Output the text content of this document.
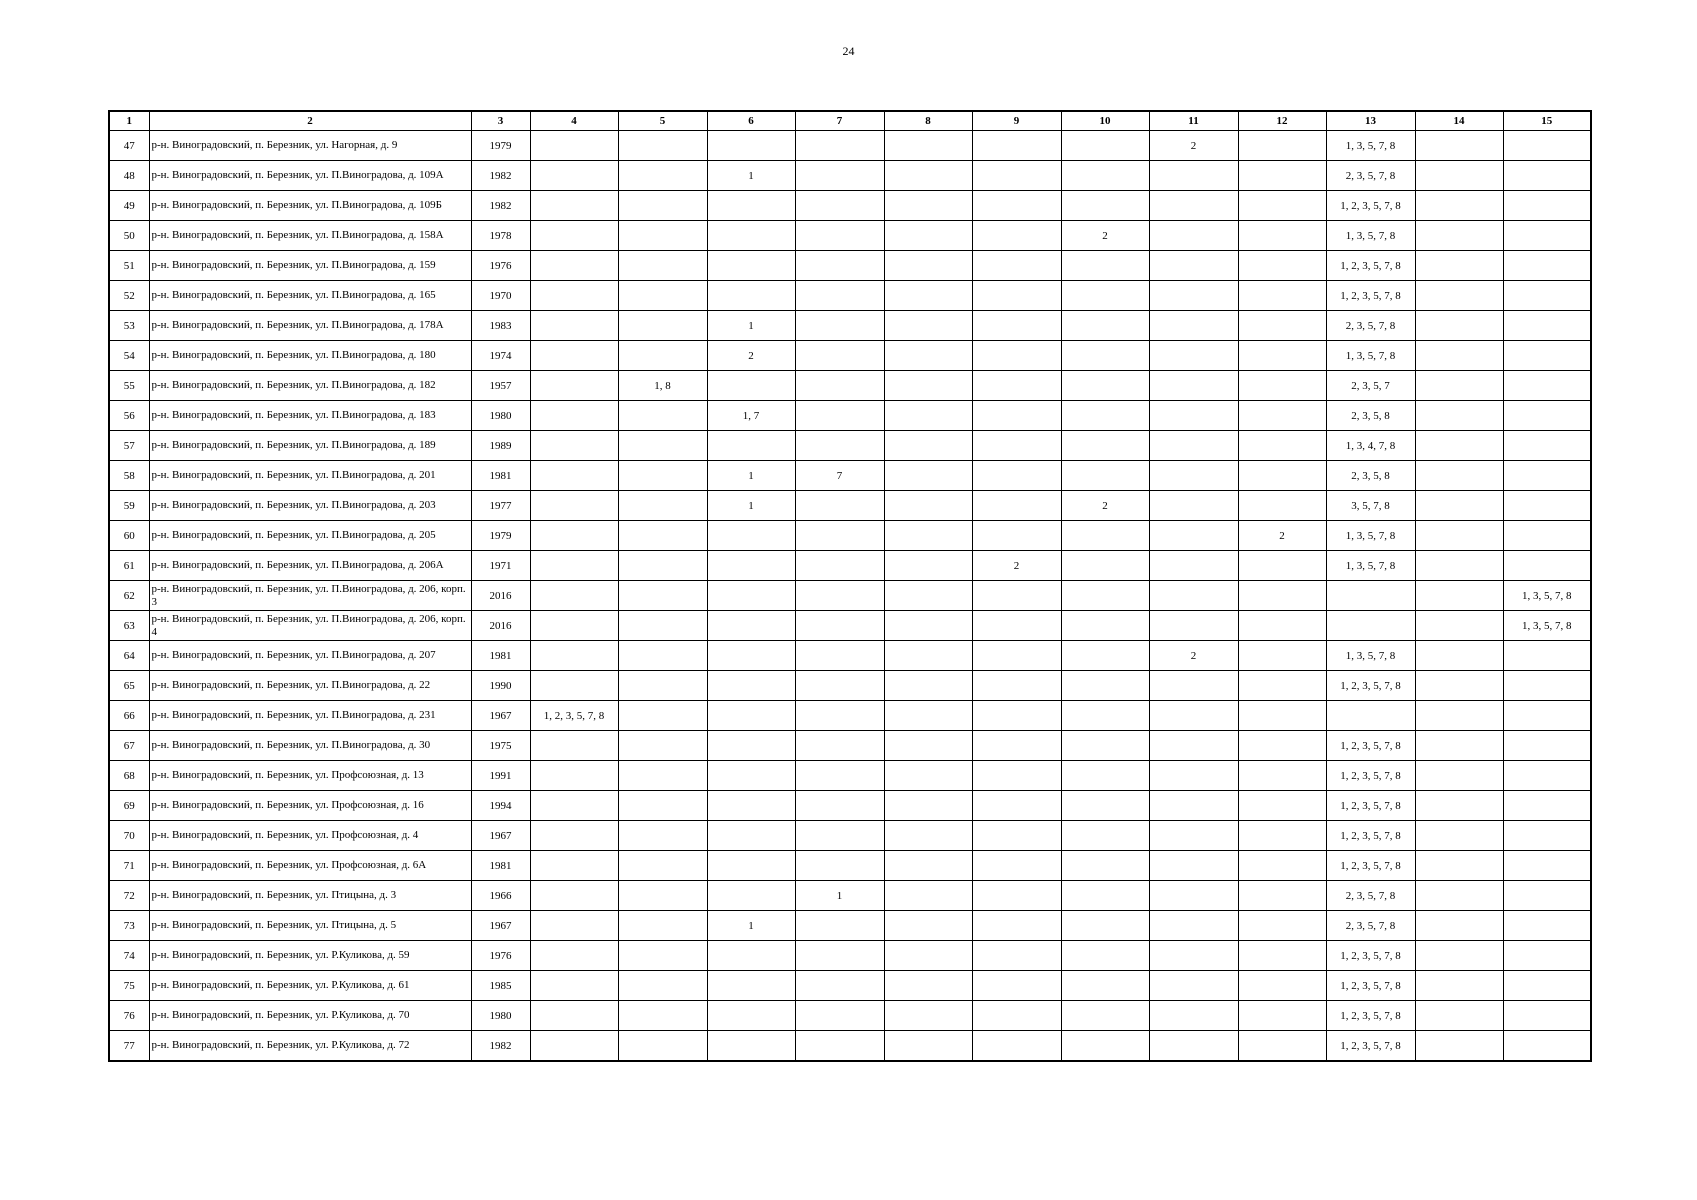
24
1	2	3	4	5	6	7	8	9	10	11	12	13	14	15
47	р-н. Виноградовский, п. Березник, ул. Нагорная, д. 9	1979								2		1, 3, 5, 7, 8		
48	р-н. Виноградовский, п. Березник, ул. П.Виноградова, д. 109А	1982			1							2, 3, 5, 7, 8		
49	р-н. Виноградовский, п. Березник, ул. П.Виноградова, д. 109Б	1982										1, 2, 3, 5, 7, 8		
50	р-н. Виноградовский, п. Березник, ул. П.Виноградова, д. 158А	1978							2			1, 3, 5, 7, 8		
51	р-н. Виноградовский, п. Березник, ул. П.Виноградова, д. 159	1976										1, 2, 3, 5, 7, 8		
52	р-н. Виноградовский, п. Березник, ул. П.Виноградова, д. 165	1970										1, 2, 3, 5, 7, 8		
53	р-н. Виноградовский, п. Березник, ул. П.Виноградова, д. 178А	1983			1							2, 3, 5, 7, 8		
54	р-н. Виноградовский, п. Березник, ул. П.Виноградова, д. 180	1974			2							1, 3, 5, 7, 8		
55	р-н. Виноградовский, п. Березник, ул. П.Виноградова, д. 182	1957		1, 8								2, 3, 5, 7		
56	р-н. Виноградовский, п. Березник, ул. П.Виноградова, д. 183	1980			1, 7							2, 3, 5, 8		
57	р-н. Виноградовский, п. Березник, ул. П.Виноградова, д. 189	1989										1, 3, 4, 7, 8		
58	р-н. Виноградовский, п. Березник, ул. П.Виноградова, д. 201	1981			1	7						2, 3, 5, 8		
59	р-н. Виноградовский, п. Березник, ул. П.Виноградова, д. 203	1977			1				2			3, 5, 7, 8		
60	р-н. Виноградовский, п. Березник, ул. П.Виноградова, д. 205	1979									2	1, 3, 5, 7, 8		
61	р-н. Виноградовский, п. Березник, ул. П.Виноградова, д. 206А	1971						2				1, 3, 5, 7, 8		
62	р-н. Виноградовский, п. Березник, ул. П.Виноградова, д. 206, корп. 3	2016												1, 3, 5, 7, 8
63	р-н. Виноградовский, п. Березник, ул. П.Виноградова, д. 206, корп. 4	2016												1, 3, 5, 7, 8
64	р-н. Виноградовский, п. Березник, ул. П.Виноградова, д. 207	1981								2		1, 3, 5, 7, 8		
65	р-н. Виноградовский, п. Березник, ул. П.Виноградова, д. 22	1990										1, 2, 3, 5, 7, 8		
66	р-н. Виноградовский, п. Березник, ул. П.Виноградова, д. 231	1967	1, 2, 3, 5, 7, 8											
67	р-н. Виноградовский, п. Березник, ул. П.Виноградова, д. 30	1975										1, 2, 3, 5, 7, 8		
68	р-н. Виноградовский, п. Березник, ул. Профсоюзная, д. 13	1991										1, 2, 3, 5, 7, 8		
69	р-н. Виноградовский, п. Березник, ул. Профсоюзная, д. 16	1994										1, 2, 3, 5, 7, 8		
70	р-н. Виноградовский, п. Березник, ул. Профсоюзная, д. 4	1967										1, 2, 3, 5, 7, 8		
71	р-н. Виноградовский, п. Березник, ул. Профсоюзная, д. 6А	1981										1, 2, 3, 5, 7, 8		
72	р-н. Виноградовский, п. Березник, ул. Птицына, д. 3	1966				1						2, 3, 5, 7, 8		
73	р-н. Виноградовский, п. Березник, ул. Птицына, д. 5	1967			1							2, 3, 5, 7, 8		
74	р-н. Виноградовский, п. Березник, ул. Р.Куликова, д. 59	1976										1, 2, 3, 5, 7, 8		
75	р-н. Виноградовский, п. Березник, ул. Р.Куликова, д. 61	1985										1, 2, 3, 5, 7, 8		
76	р-н. Виноградовский, п. Березник, ул. Р.Куликова, д. 70	1980										1, 2, 3, 5, 7, 8		
77	р-н. Виноградовский, п. Березник, ул. Р.Куликова, д. 72	1982										1, 2, 3, 5, 7, 8		
